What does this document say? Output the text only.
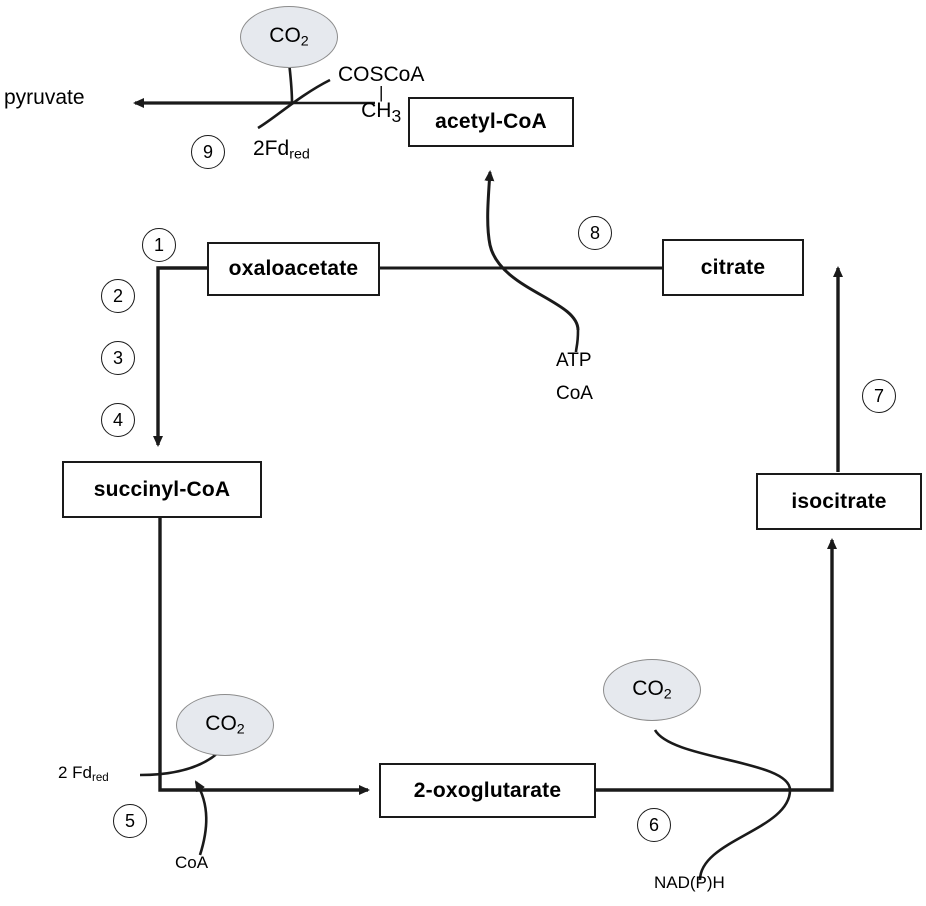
oxaloacetate
succinyl-CoA
2-oxoglutarate
isocitrate
citrate
acetyl-CoA
COSCoA
|
$CH_3$
$CO_2$
$CO_2$
$CO_2$
pyruvate
$2Fd_{red}$
ATP
CoA
2 $Fd_{red}$
CoA
NAD(P)H
9
1
2
3
4
5	6
7
8
